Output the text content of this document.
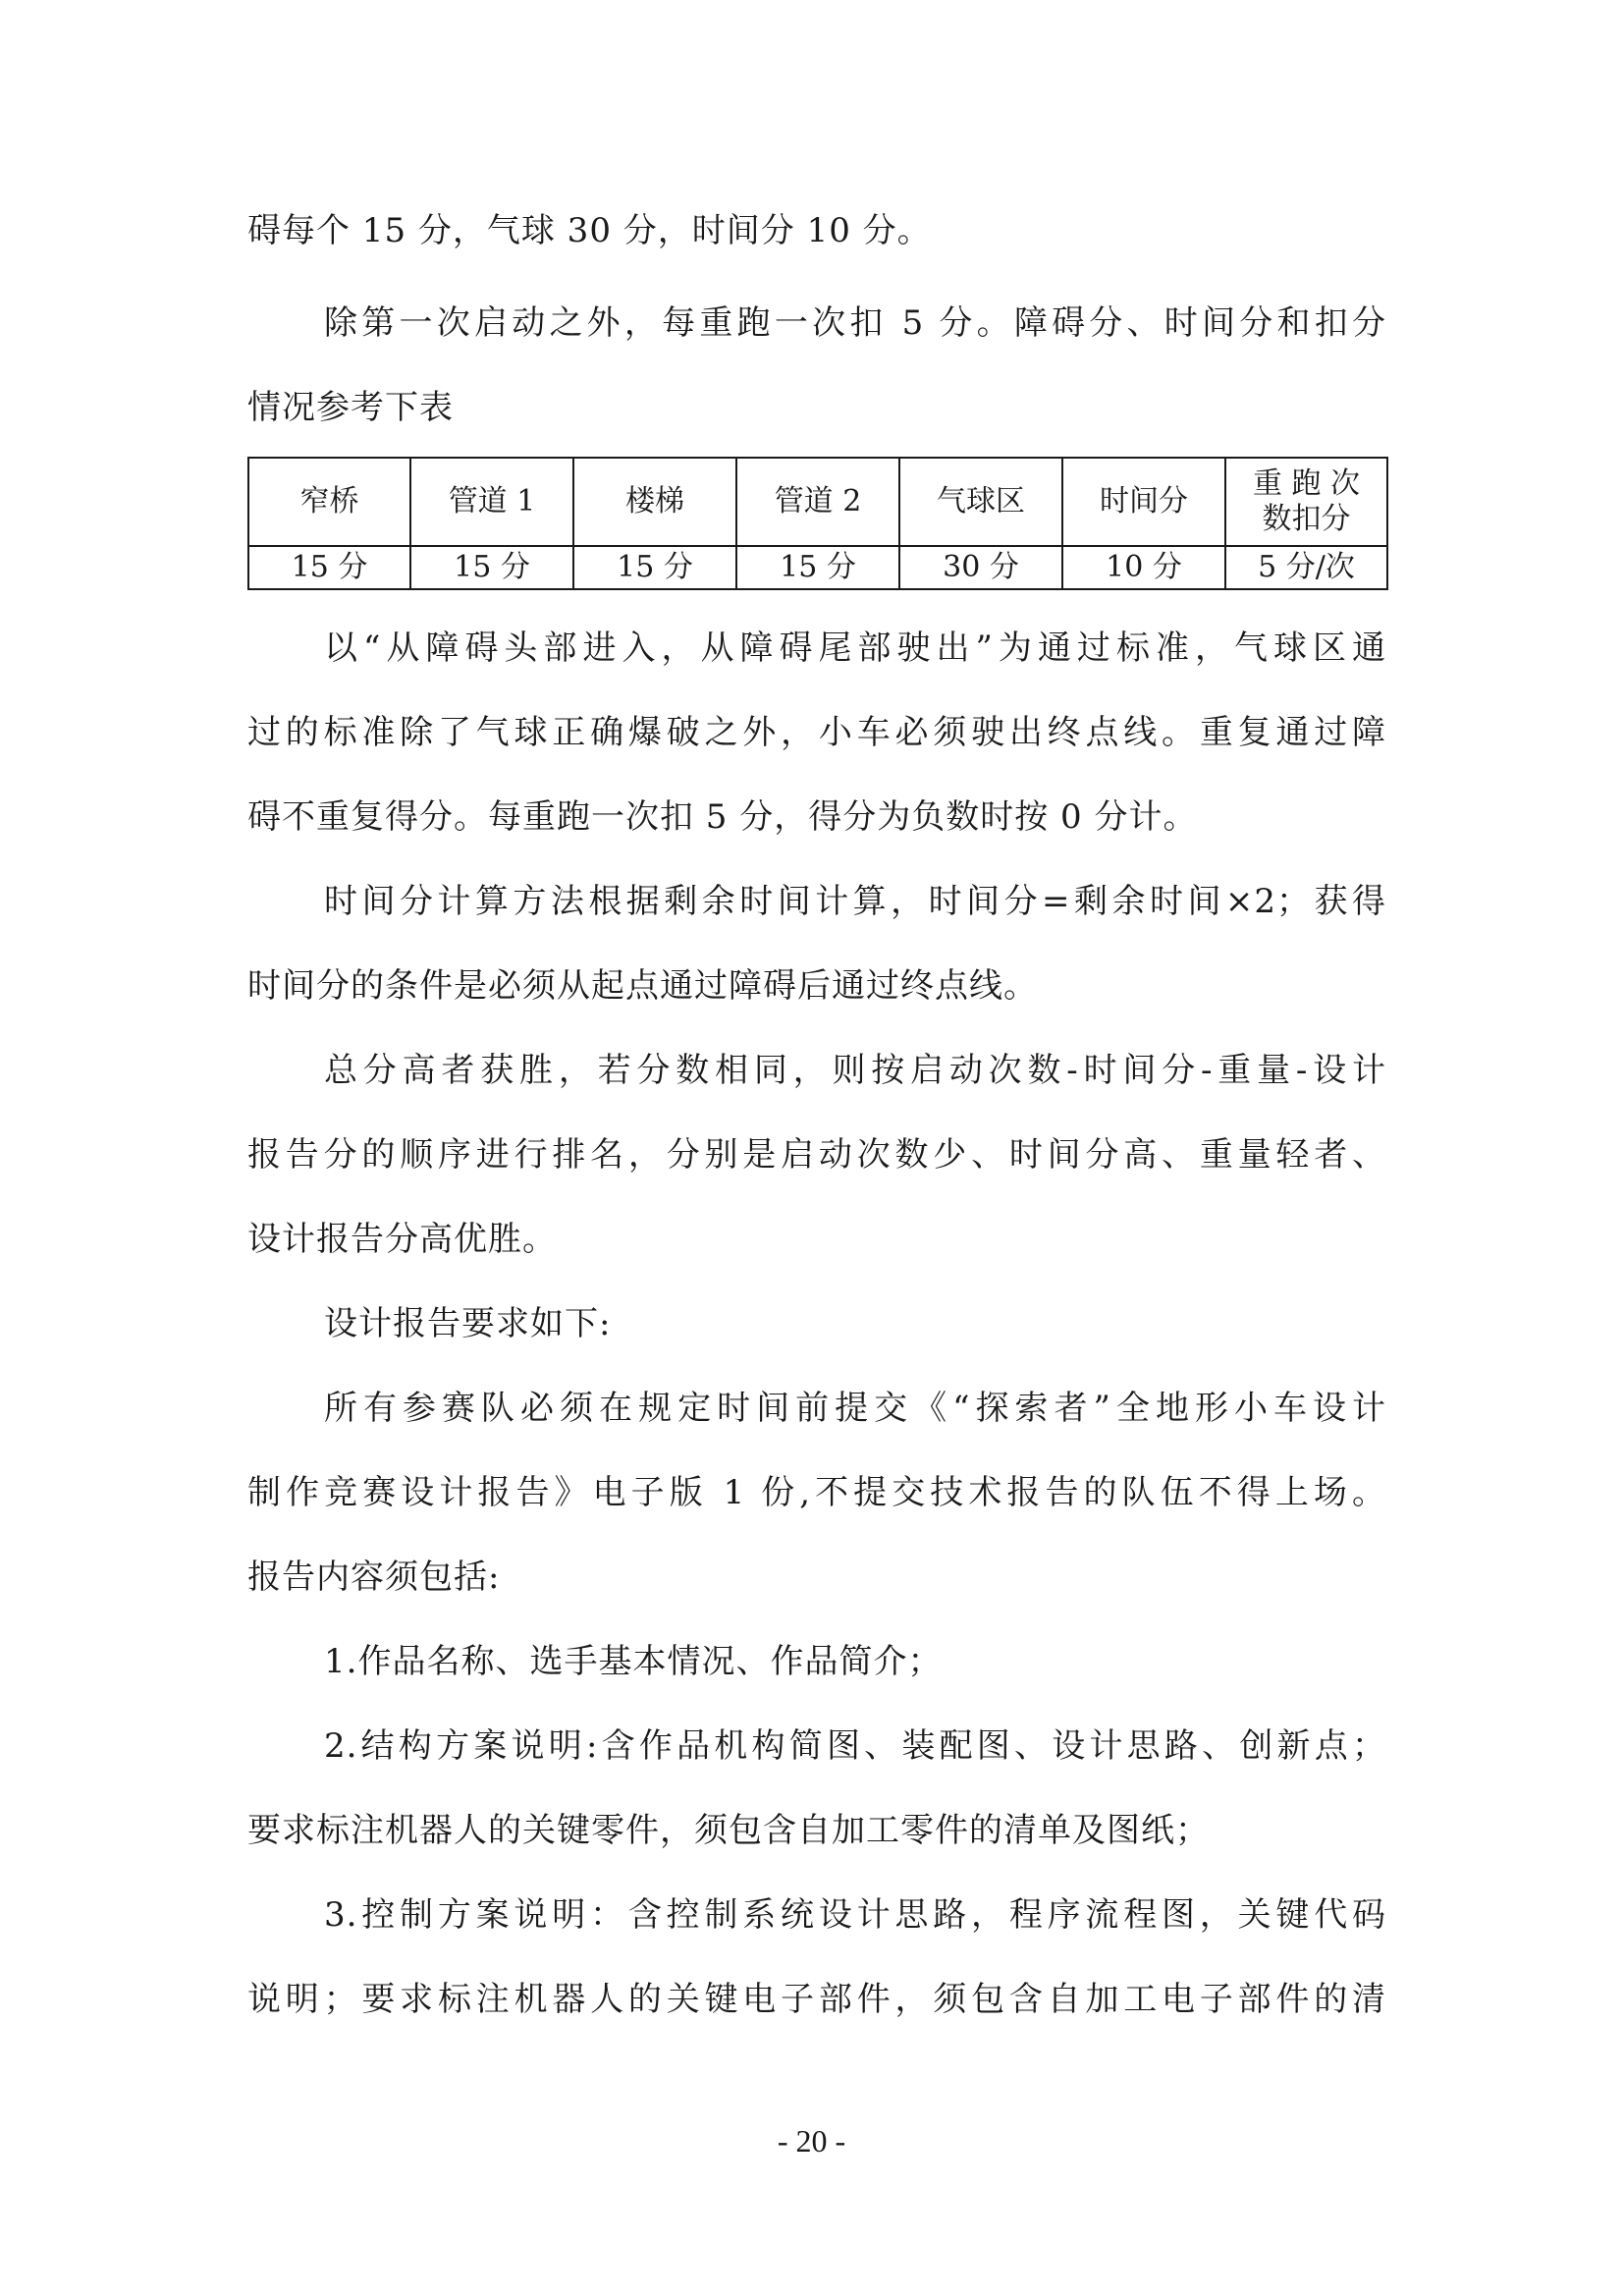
碍每个 15 分，气球 30 分，时间分 10 分。
除第一次启动之外，每重跑一次扣 5 分。障碍分、时间分和扣分
情况参考下表
窄桥	管道 1	楼梯	管道 2	气球区	时间分	重 跑 次
数扣分

15 分	15 分	15 分	15 分	30 分	10 分	5 分/次
以“从障碍头部进入，从障碍尾部驶出”为通过标准，气球区通
过的标准除了气球正确爆破之外，小车必须驶出终点线。重复通过障
碍不重复得分。每重跑一次扣 5 分，得分为负数时按 0 分计。
时间分计算方法根据剩余时间计算，时间分=剩余时间×2；获得
时间分的条件是必须从起点通过障碍后通过终点线。
总分高者获胜，若分数相同，则按启动次数-时间分-重量-设计
报告分的顺序进行排名，分别是启动次数少、时间分高、重量轻者、
设计报告分高优胜。
设计报告要求如下:
所有参赛队必须在规定时间前提交《“探索者”全地形小车设计
制作竞赛设计报告》电子版 1 份,不提交技术报告的队伍不得上场。
报告内容须包括:
1.作品名称、选手基本情况、作品简介；
2.结构方案说明:含作品机构简图、装配图、设计思路、创新点；
要求标注机器人的关键零件，须包含自加工零件的清单及图纸；
3.控制方案说明：含控制系统设计思路，程序流程图，关键代码
说明；要求标注机器人的关键电子部件，须包含自加工电子部件的清
- 20 -
